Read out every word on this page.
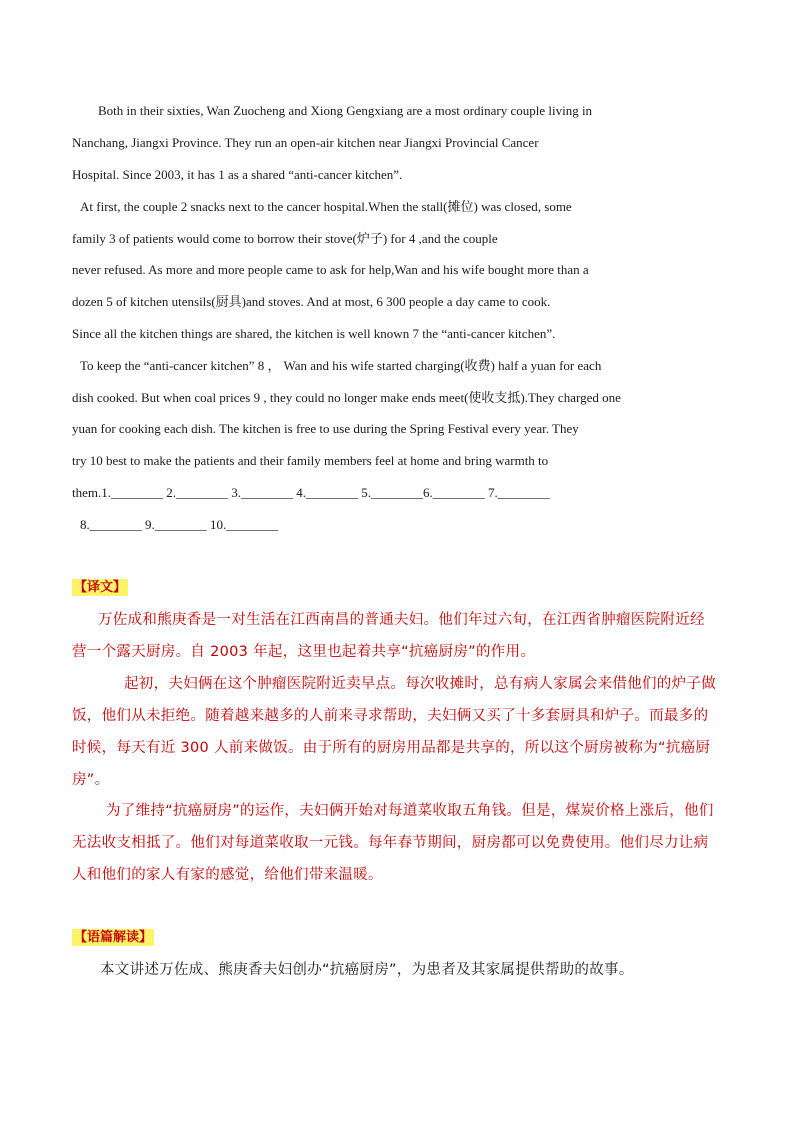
Both in their sixties, Wan Zuocheng and Xiong Gengxiang are a most ordinary couple living in
Nanchang, Jiangxi Province. They run an open-air kitchen near Jiangxi Provincial Cancer
Hospital. Since 2003, it has 1 as a shared “anti-cancer kitchen”.
At first, the couple 2 snacks next to the cancer hospital.When the stall(摊位) was closed, some
family 3 of patients would come to borrow their stove(炉子) for 4 ,and the couple
never refused. As more and more people came to ask for help,Wan and his wife bought more than a
dozen 5 of kitchen utensils(厨具)and stoves. And at most, 6 300 people a day came to cook.
Since all the kitchen things are shared, the kitchen is well known 7 the “anti-cancer kitchen”.
To keep the “anti-cancer kitchen” 8 ， Wan and his wife started charging(收费) half a yuan for each
dish cooked. But when coal prices 9 , they could no longer make ends meet(使收支抵).They charged one
yuan for cooking each dish. The kitchen is free to use during the Spring Festival every year. They
try 10 best to make the patients and their family members feel at home and bring warmth to
them.1.________ 2.________ 3.________ 4.________ 5.________6.________ 7.________
8.________ 9.________ 10.________
【译文】
万佐成和熊庚香是一对生活在江西南昌的普通夫妇。他们年过六旬，在江西省肿瘤医院附近经
营一个露天厨房。自 2003 年起，这里也起着共享“抗癌厨房”的作用。
起初，夫妇俩在这个肿瘤医院附近卖早点。每次收摊时，总有病人家属会来借他们的炉子做
饭，他们从未拒绝。随着越来越多的人前来寻求帮助，夫妇俩又买了十多套厨具和炉子。而最多的
时候，每天有近 300 人前来做饭。由于所有的厨房用品都是共享的，所以这个厨房被称为“抗癌厨
房”。
为了维持“抗癌厨房”的运作，夫妇俩开始对每道菜收取五角钱。但是，煤炭价格上涨后，他们
无法收支相抵了。他们对每道菜收取一元钱。每年春节期间，厨房都可以免费使用。他们尽力让病
人和他们的家人有家的感觉，给他们带来温暖。
【语篇解读】
本文讲述万佐成、熊庚香夫妇创办“抗癌厨房”，为患者及其家属提供帮助的故事。
